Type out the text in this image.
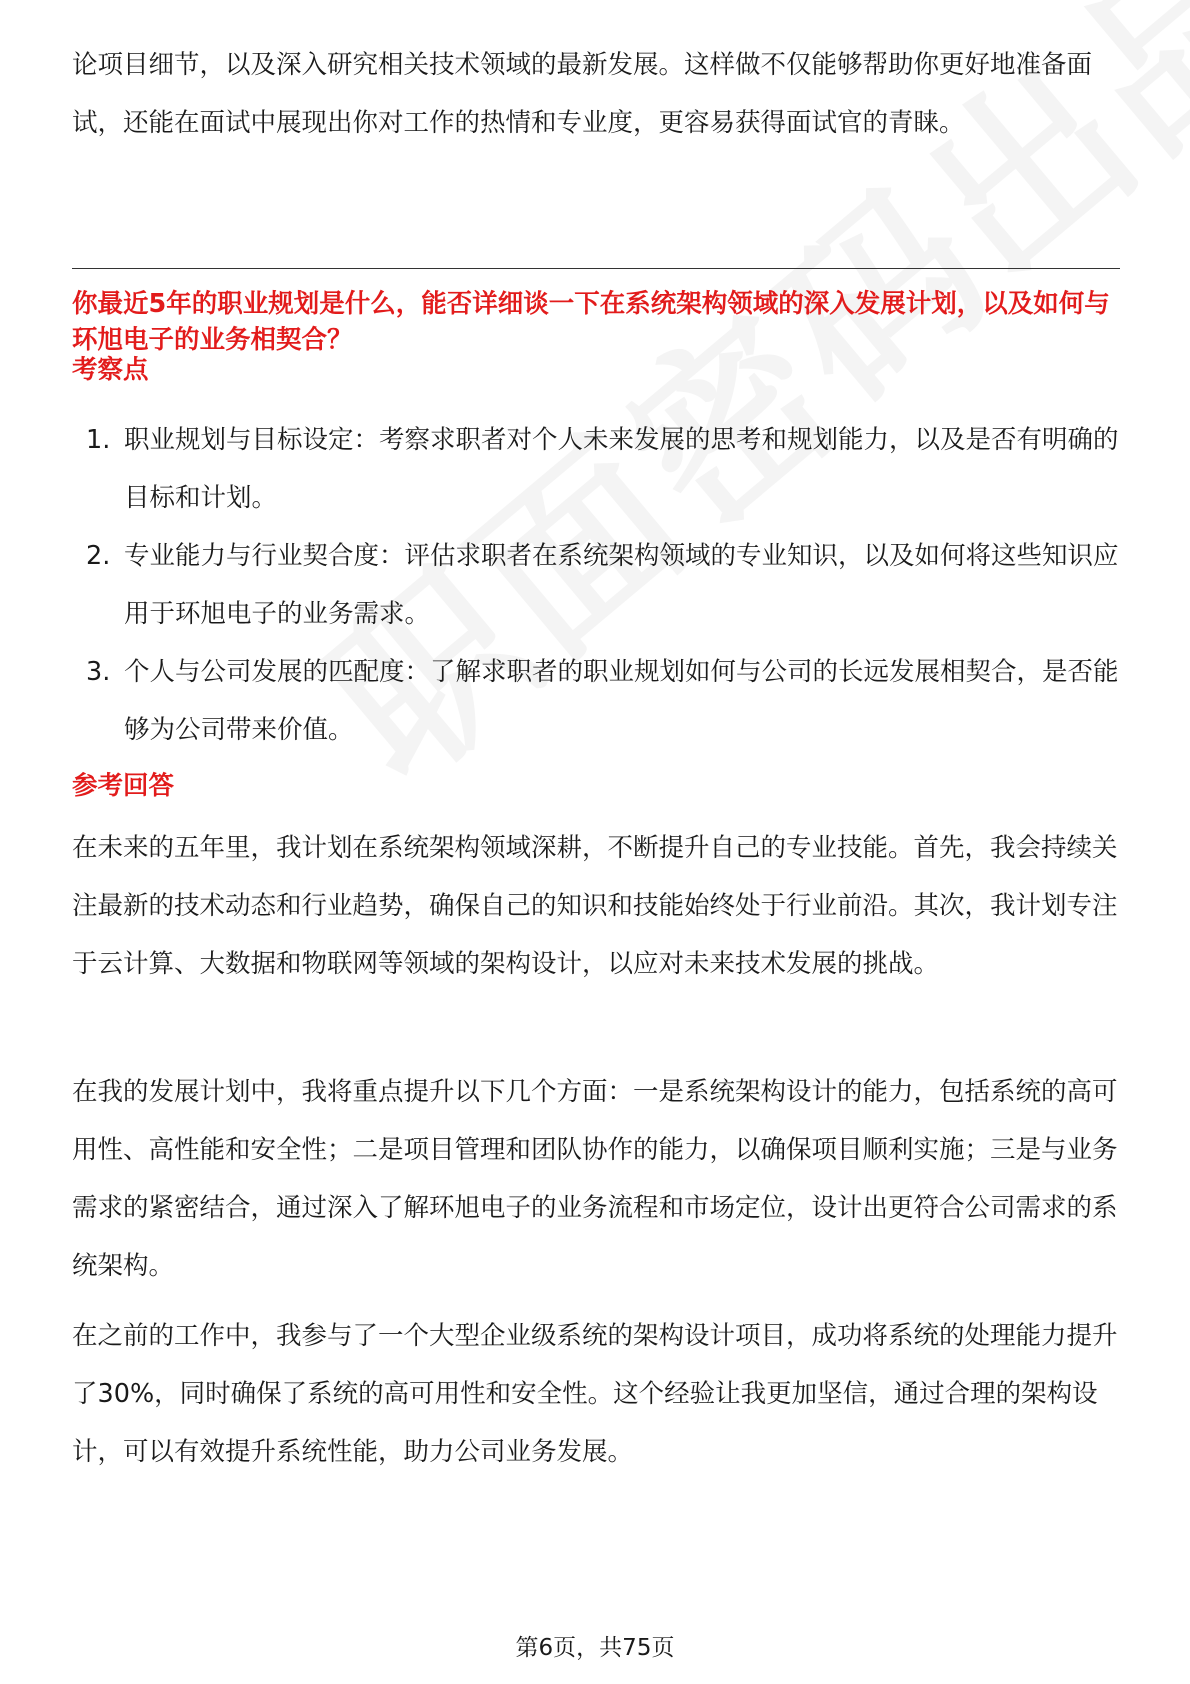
论项目细节，以及深入研究相关技术领域的最新发展。这样做不仅能够帮助你更好地准备面试，还能在面试中展现出你对工作的热情和专业度，更容易获得面试官的青睐。

你最近5年的职业规划是什么，能否详细谈一下在系统架构领域的深入发展计划，以及如何与环旭电子的业务相契合？

考察点

1. 职业规划与目标设定：考察求职者对个人未来发展的思考和规划能力，以及是否有明确的目标和计划。
2. 专业能力与行业契合度：评估求职者在系统架构领域的专业知识，以及如何将这些知识应用于环旭电子的业务需求。
3. 个人与公司发展的匹配度：了解求职者的职业规划如何与公司的长远发展相契合，是否能够为公司带来价值。

参考回答

在未来的五年里，我计划在系统架构领域深耕，不断提升自己的专业技能。首先，我会持续关注最新的技术动态和行业趋势，确保自己的知识和技能始终处于行业前沿。其次，我计划专注于云计算、大数据和物联网等领域的架构设计，以应对未来技术发展的挑战。

在我的发展计划中，我将重点提升以下几个方面：一是系统架构设计的能力，包括系统的高可用性、高性能和安全性；二是项目管理和团队协作的能力，以确保项目顺利实施；三是与业务需求的紧密结合，通过深入了解环旭电子的业务流程和市场定位，设计出更符合公司需求的系统架构。

在之前的工作中，我参与了一个大型企业级系统的架构设计项目，成功将系统的处理能力提升了30%，同时确保了系统的高可用性和安全性。这个经验让我更加坚信，通过合理的架构设计，可以有效提升系统性能，助力公司业务发展。

第6页，共75页
